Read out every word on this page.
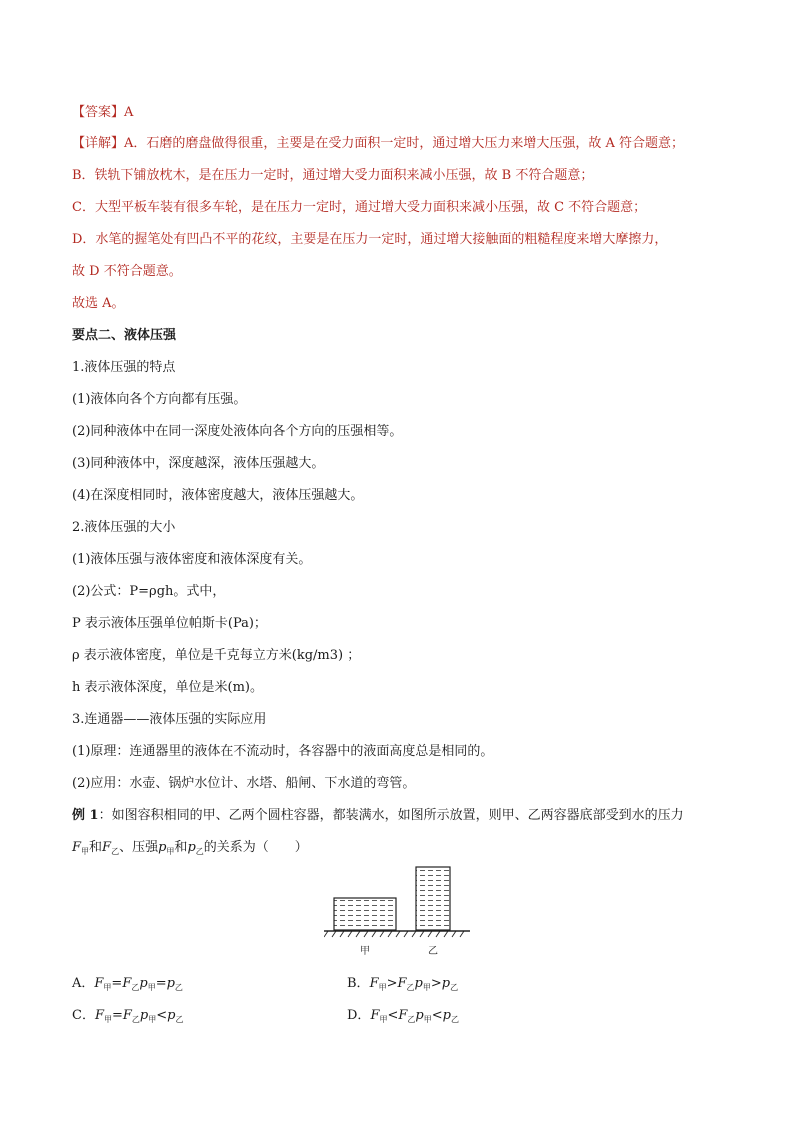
【答案】A
【详解】A．石磨的磨盘做得很重，主要是在受力面积一定时，通过增大压力来增大压强，故 A 符合题意；
B．铁轨下铺放枕木，是在压力一定时，通过增大受力面积来减小压强，故 B 不符合题意；
C．大型平板车装有很多车轮，是在压力一定时，通过增大受力面积来减小压强，故 C 不符合题意；
D．水笔的握笔处有凹凸不平的花纹，主要是在压力一定时，通过增大接触面的粗糙程度来增大摩擦力，
故 D 不符合题意。
故选 A。
要点二、液体压强
1.液体压强的特点
(1)液体向各个方向都有压强。
(2)同种液体中在同一深度处液体向各个方向的压强相等。
(3)同种液体中，深度越深，液体压强越大。
(4)在深度相同时，液体密度越大，液体压强越大。
2.液体压强的大小
(1)液体压强与液体密度和液体深度有关。
(2)公式：P=ρgh。式中，
P 表示液体压强单位帕斯卡(Pa)；
ρ 表示液体密度，单位是千克每立方米(kg/m3) ；
h 表示液体深度，单位是米(m)。
3.连通器——液体压强的实际应用
(1)原理：连通器里的液体在不流动时，各容器中的液面高度总是相同的。
(2)应用：水壶、锅炉水位计、水塔、船闸、下水道的弯管。
例 1：如图容积相同的甲、乙两个圆柱容器，都装满水，如图所示放置，则甲、乙两容器底部受到水的压力
$F_甲$和$F_乙$、压强$p_甲$和$p_乙$的关系为（　　）
甲	乙
A．$F_甲=F_乙p_甲=p_乙$	B．$F_甲>F_乙p_甲>p_乙$
C．$F_甲=F_乙p_甲<p_乙$	D．$F_甲<F_乙p_甲<p_乙$
